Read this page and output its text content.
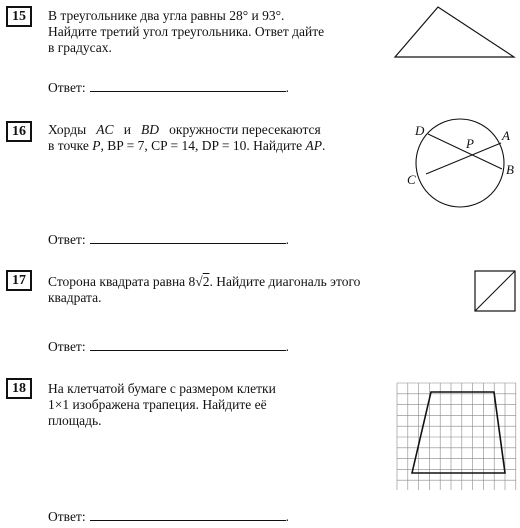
15	В треугольнике два угла равны 28° и 93°.
Найдите третий угол треугольника. Ответ дайте
в градусах.
Ответ:	.
16	Хорды AC и BD окружности пересекаются
в точке P, BP = 7, CP = 14, DP = 10. Найдите AP.
Ответ:	.
D	A
P
B
C
17	Сторона квадрата равна 8√2. Найдите диагональ этого
квадрата.
Ответ:	.
18	На клетчатой бумаге с размером клетки
1×1 изображена трапеция. Найдите её
площадь.
Ответ:	.
